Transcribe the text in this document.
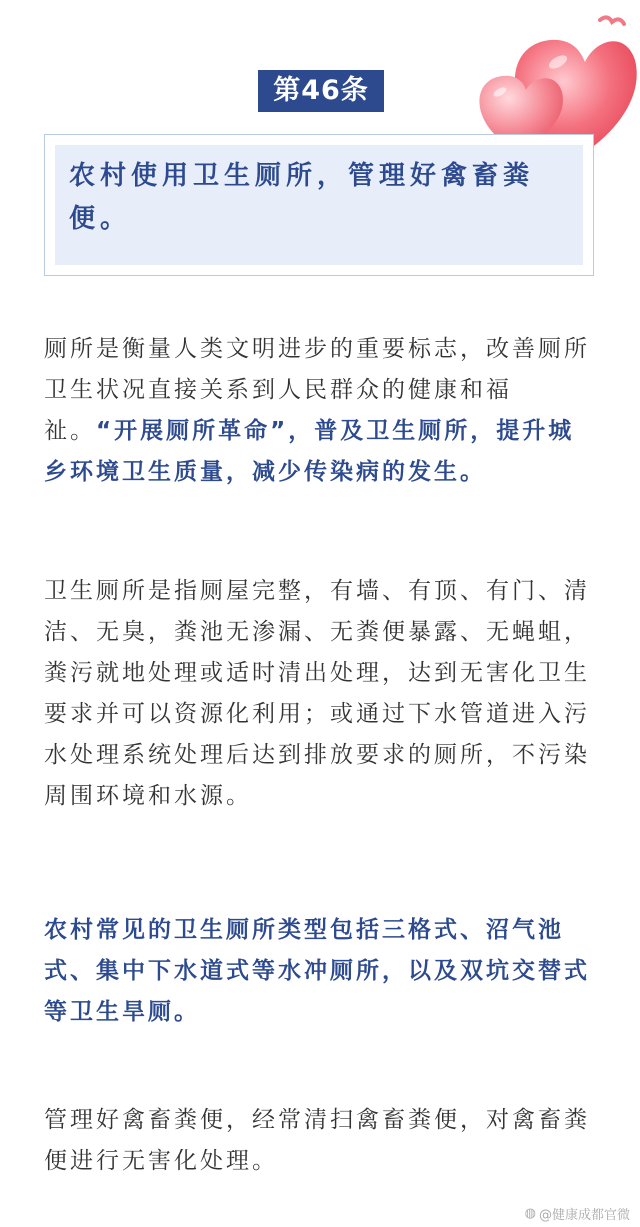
第46条

农村使用卫生厕所，管理好禽畜粪便。

厕所是衡量人类文明进步的重要标志，改善厕所卫生状况直接关系到人民群众的健康和福祉。“开展厕所革命”，普及卫生厕所，提升城乡环境卫生质量，减少传染病的发生。

卫生厕所是指厕屋完整，有墙、有顶、有门、清洁、无臭，粪池无渗漏、无粪便暴露、无蝇蛆，粪污就地处理或适时清出处理，达到无害化卫生要求并可以资源化利用；或通过下水管道进入污水处理系统处理后达到排放要求的厕所，不污染周围环境和水源。

农村常见的卫生厕所类型包括三格式、沼气池式、集中下水道式等水冲厕所，以及双坑交替式等卫生旱厕。

管理好禽畜粪便，经常清扫禽畜粪便，对禽畜粪便进行无害化处理。

◍ @健康成都官微
